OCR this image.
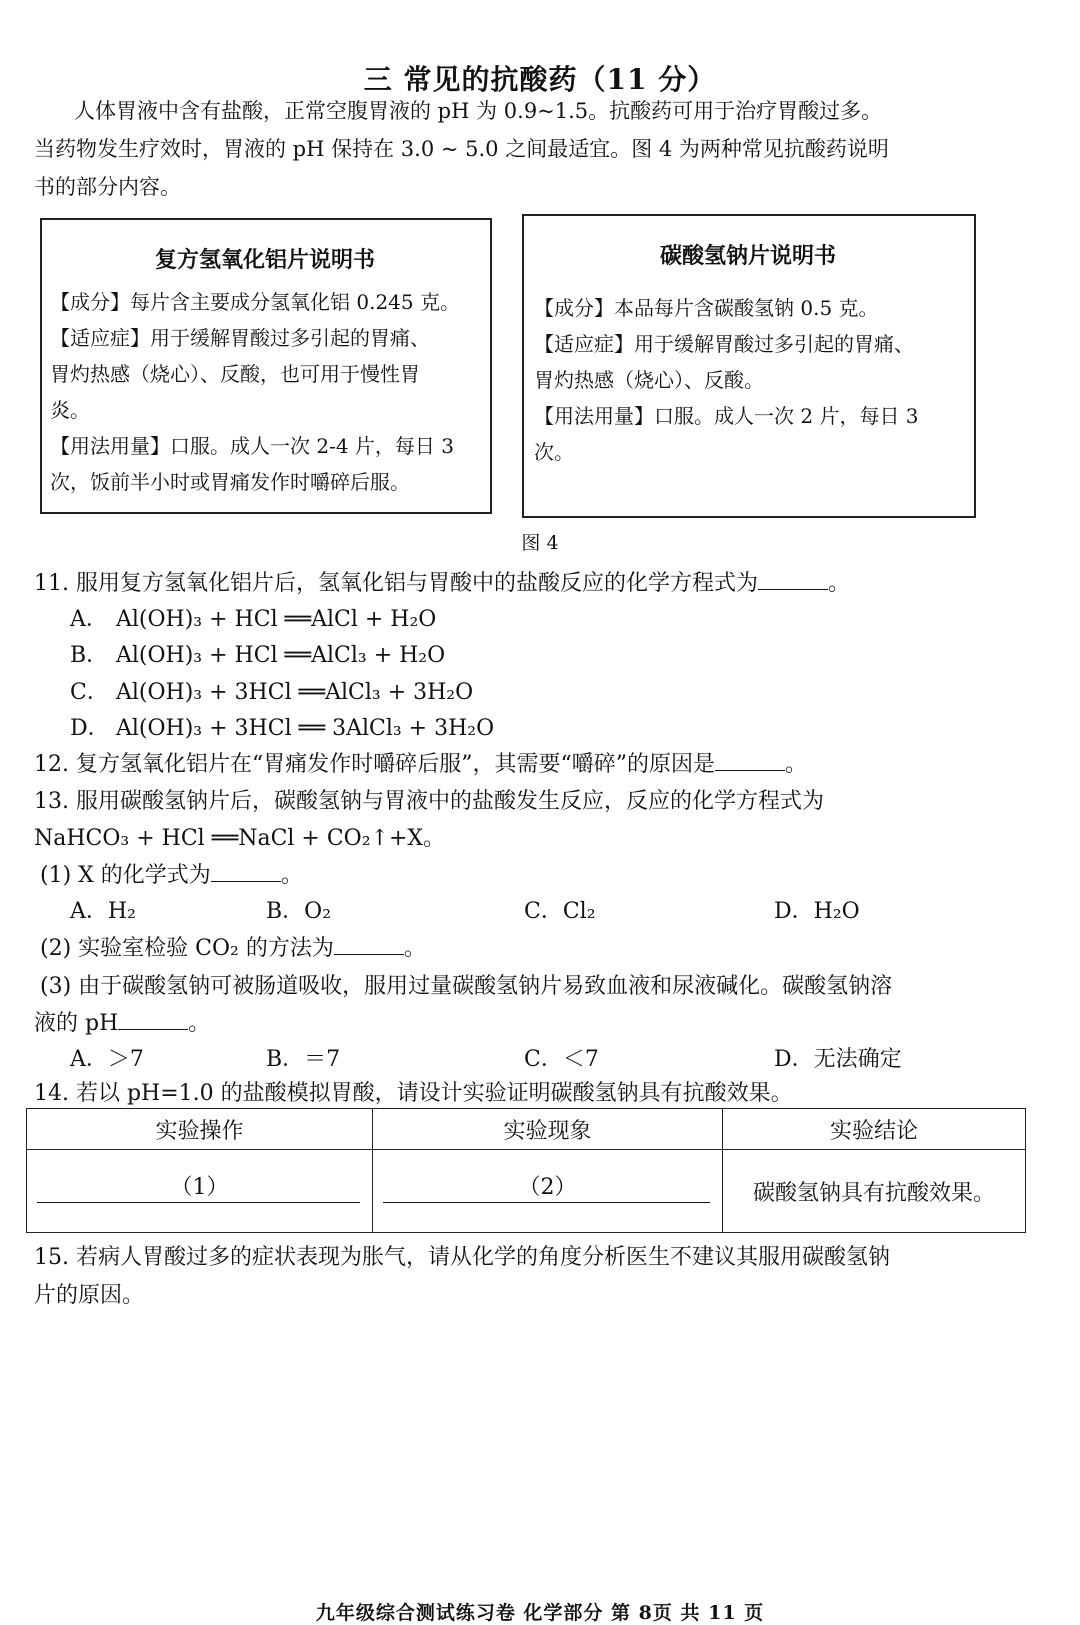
三 常见的抗酸药（11 分）
人体胃液中含有盐酸，正常空腹胃液的 pH 为 0.9~1.5。抗酸药可用于治疗胃酸过多。
当药物发生疗效时，胃液的 pH 保持在 3.0 ~ 5.0 之间最适宜。图 4 为两种常见抗酸药说明
书的部分内容。
复方氢氧化铝片说明书
【成分】每片含主要成分氢氧化铝 0.245 克。
【适应症】用于缓解胃酸过多引起的胃痛、
胃灼热感（烧心）、反酸，也可用于慢性胃
炎。
【用法用量】口服。成人一次 2-4 片，每日 3
次，饭前半小时或胃痛发作时嚼碎后服。
碳酸氢钠片说明书
【成分】本品每片含碳酸氢钠 0.5 克。
【适应症】用于缓解胃酸过多引起的胃痛、
胃灼热感（烧心）、反酸。
【用法用量】口服。成人一次 2 片，每日 3
次。
图 4
11. 服用复方氢氧化铝片后，氢氧化铝与胃酸中的盐酸反应的化学方程式为	。
A． Al(OH)₃ + HCl ══AlCl + H₂O
B． Al(OH)₃ + HCl ══AlCl₃ + H₂O
C． Al(OH)₃ + 3HCl ══AlCl₃ + 3H₂O
D． Al(OH)₃ + 3HCl ══ 3AlCl₃ + 3H₂O
12. 复方氢氧化铝片在“胃痛发作时嚼碎后服”，其需要“嚼碎”的原因是	。
13. 服用碳酸氢钠片后，碳酸氢钠与胃液中的盐酸发生反应，反应的化学方程式为
NaHCO₃ + HCl ══NaCl + CO₂↑+X。
(1) X 的化学式为	。
A．H₂	B．O₂	C．Cl₂	D．H₂O
(2) 实验室检验 CO₂ 的方法为	。
(3) 由于碳酸氢钠可被肠道吸收，服用过量碳酸氢钠片易致血液和尿液碱化。碳酸氢钠溶
液的 pH	。
A．＞7	B．＝7	C．＜7	D．无法确定
14. 若以 pH=1.0 的盐酸模拟胃酸，请设计实验证明碳酸氢钠具有抗酸效果。
实验操作	实验现象	实验结论

（1）	（2）	碳酸氢钠具有抗酸效果。
15. 若病人胃酸过多的症状表现为胀气，请从化学的角度分析医生不建议其服用碳酸氢钠
片的原因。
九年级综合测试练习卷 化学部分 第 8页 共 11 页
